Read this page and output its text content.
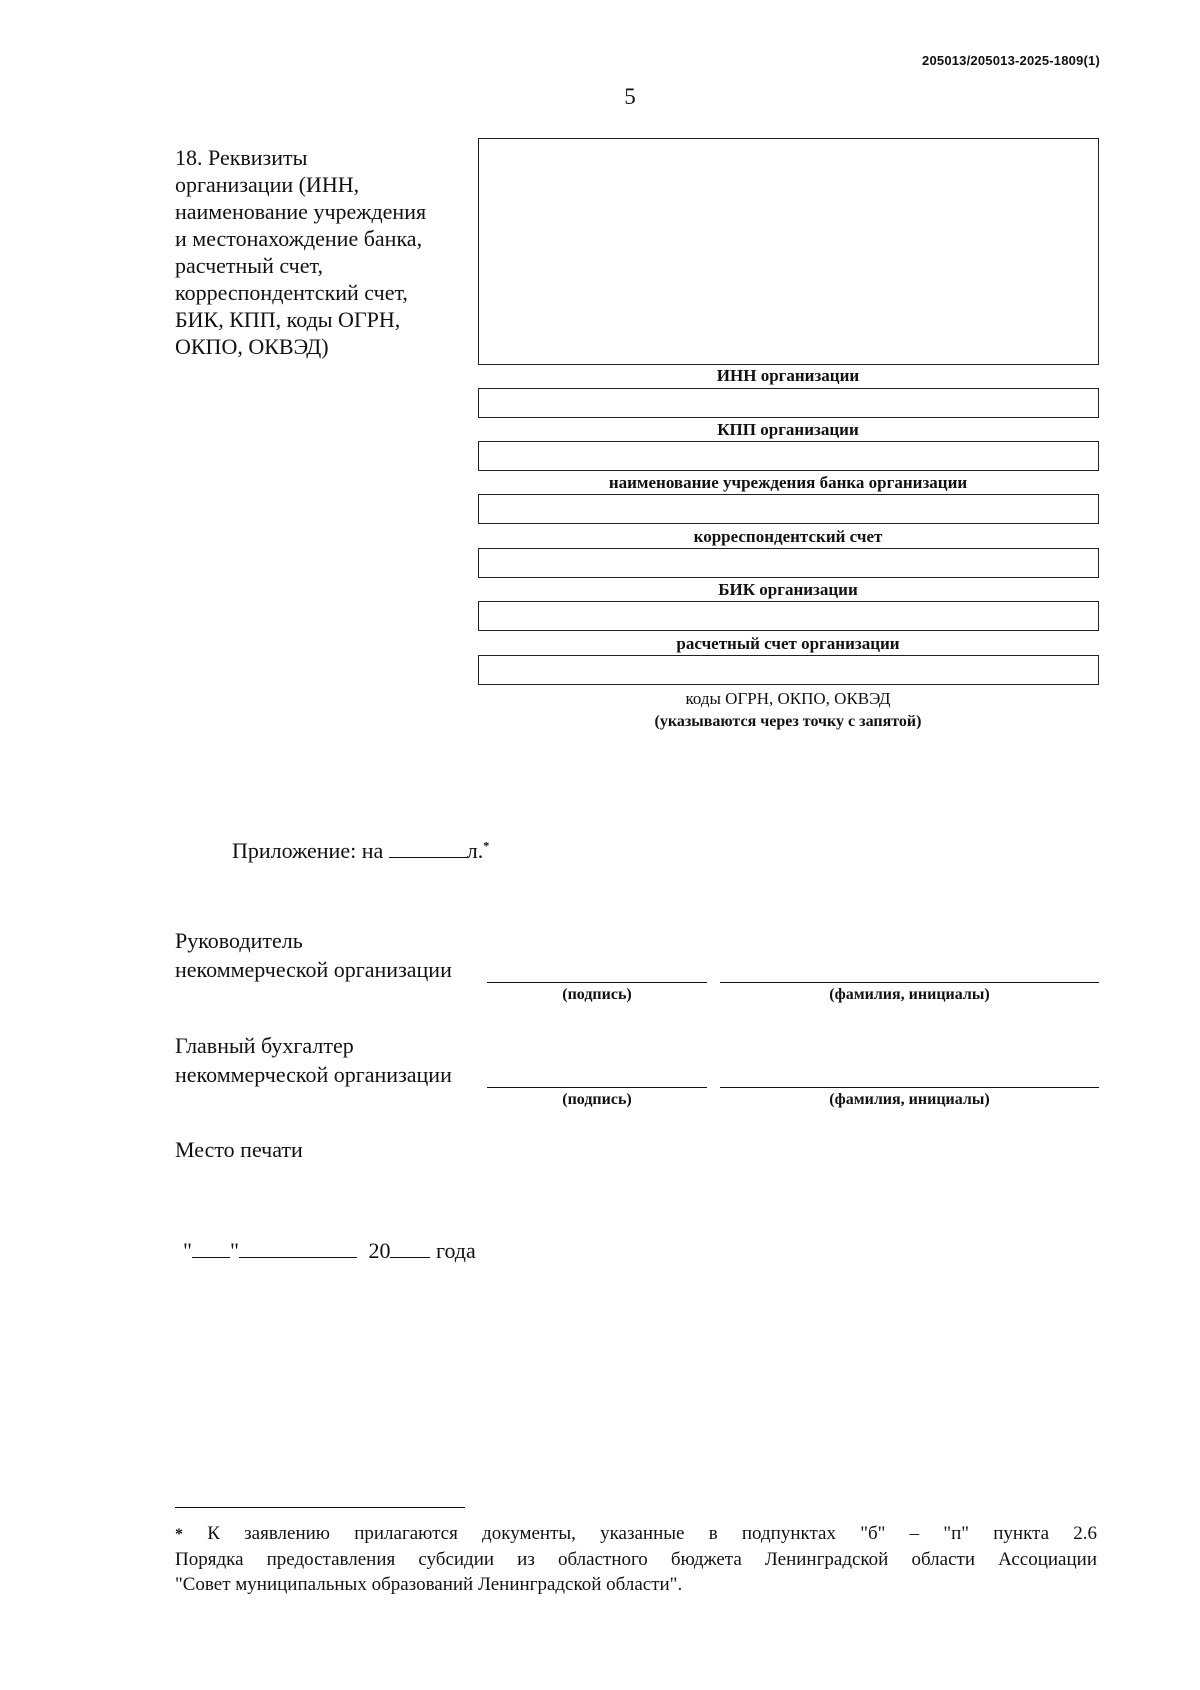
205013/205013-2025-1809(1)
5
18. Реквизиты
организации (ИНН,
наименование учреждения
и местонахождение банка,
расчетный счет,
корреспондентский счет,
БИК, КПП, коды ОГРН,
ОКПО, ОКВЭД)
ИНН организации
КПП организации
наименование учреждения банка организации
корреспондентский счет
БИК организации
расчетный счет организации
коды ОГРН, ОКПО, ОКВЭД
(указываются через точку с запятой)
Приложение: на	л.*
Руководитель
некоммерческой организации
(подпись)	(фамилия, инициалы)
Главный бухгалтер
некоммерческой организации
(подпись)	(фамилия, инициалы)
Место печати
" "	20 года
* К заявлению прилагаются документы, указанные в подпунктах "б" – "п" пункта 2.6
Порядка предоставления субсидии из областного бюджета Ленинградской области Ассоциации
"Совет муниципальных образований Ленинградской области".
